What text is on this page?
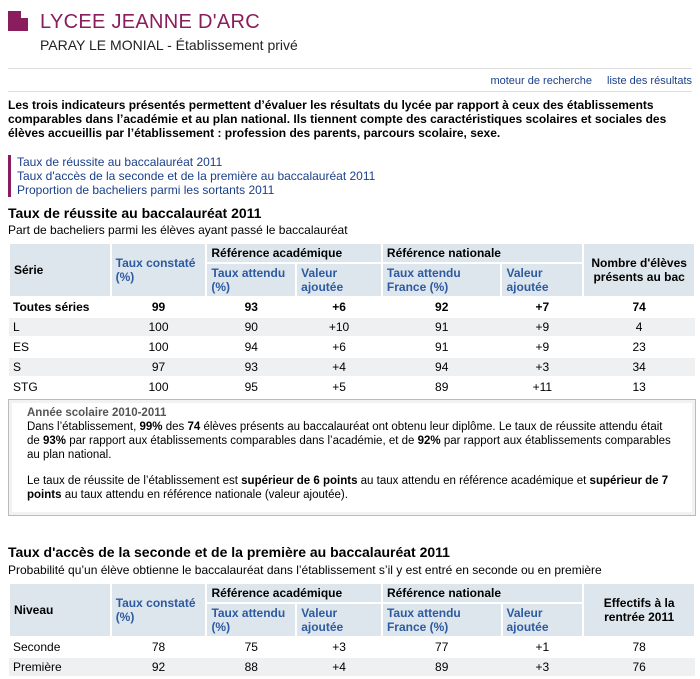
LYCEE JEANNE D'ARC
PARAY LE MONIAL - Établissement privé
moteur de recherche liste des résultats
Les trois indicateurs présentés permettent d’évaluer les résultats du lycée par rapport à ceux des établissements comparables dans l’académie et au plan national. Ils tiennent compte des caractéristiques scolaires et sociales des élèves accueillis par l’établissement : profession des parents, parcours scolaire, sexe.
Taux de réussite au baccalauréat 2011
Taux d'accès de la seconde et de la première au baccalauréat 2011
Proportion de bacheliers parmi les sortants 2011
Taux de réussite au baccalauréat 2011
Part de bacheliers parmi les élèves ayant passé le baccalauréat
Série	Taux constaté (%)	Référence académique		Référence nationale		Nombre d'élèves présents au bac
		Taux attendu (%)	Valeur ajoutée	Taux attendu France (%)	Valeur ajoutée	
Toutes séries	99	93	+6	92	+7	74
L	100	90	+10	91	+9	4
ES	100	94	+6	91	+9	23
S	97	93	+4	94	+3	34
STG	100	95	+5	89	+11	13
Année scolaire 2010-2011

Dans l’établissement, 99% des 74 élèves présents au baccalauréat ont obtenu leur diplôme. Le taux de réussite attendu était de 93% par rapport aux établissements comparables dans l’académie, et de 92% par rapport aux établissements comparables au plan national.

Le taux de réussite de l’établissement est supérieur de 6 points au taux attendu en référence académique et supérieur de 7 points au taux attendu en référence nationale (valeur ajoutée).

Taux d'accès de la seconde et de la première au baccalauréat 2011
Probabilité qu’un élève obtienne le baccalauréat dans l’établissement s’il y est entré en seconde ou en première
Niveau	Taux constaté (%)	Référence académique		Référence nationale		Effectifs à la rentrée 2011
		Taux attendu (%)	Valeur ajoutée	Taux attendu France (%)	Valeur ajoutée	
Seconde	78	75	+3	77	+1	78
Première	92	88	+4	89	+3	76
